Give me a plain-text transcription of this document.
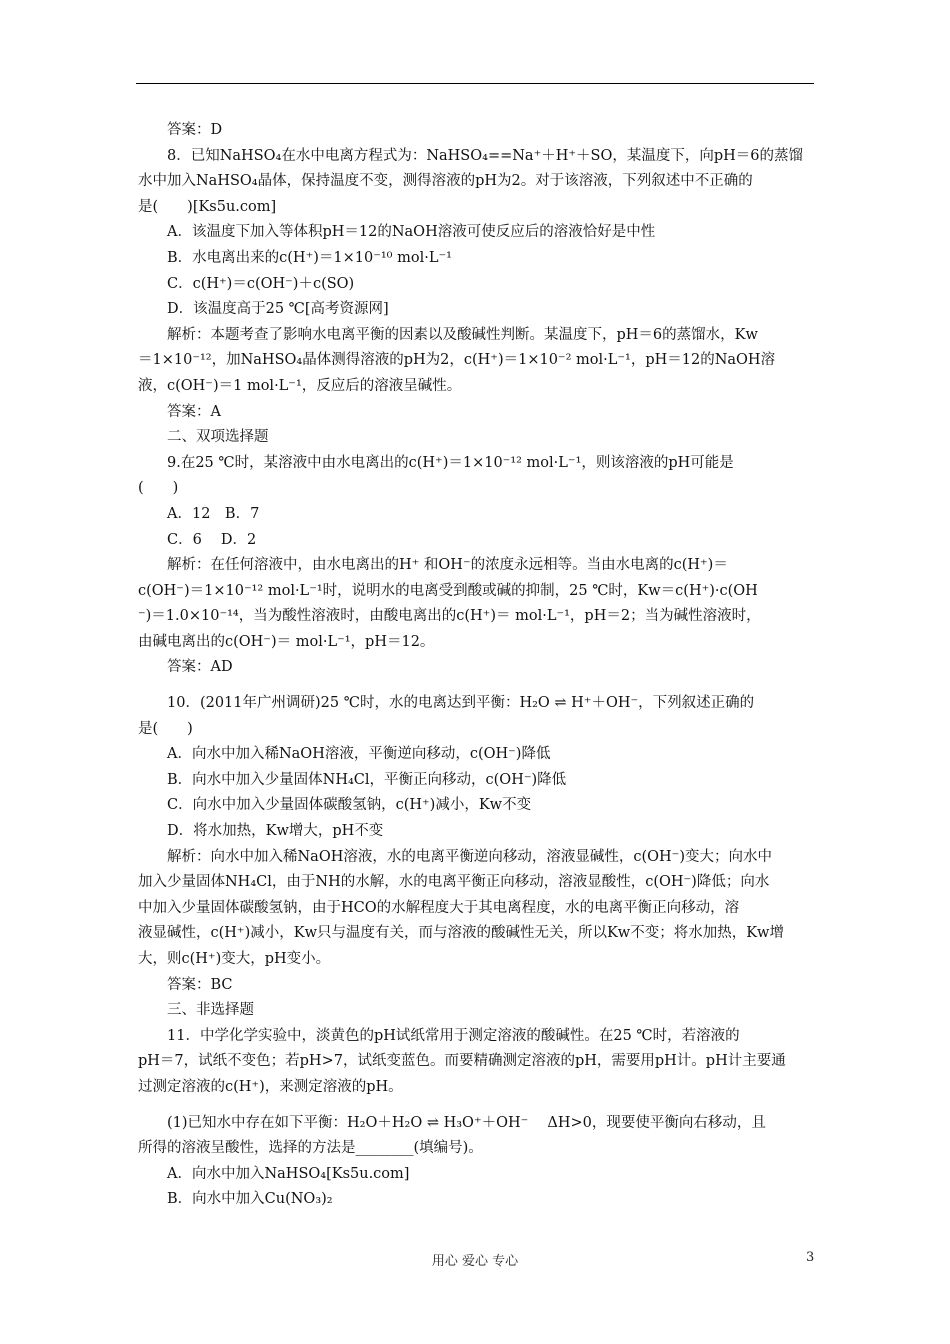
答案：D
8．已知NaHSO₄在水中电离方程式为：NaHSO₄==Na⁺＋H⁺＋SO，某温度下，向pH＝6的蒸馏
水中加入NaHSO₄晶体，保持温度不变，测得溶液的pH为2。对于该溶液，下列叙述中不正确的
是(　　)[Ks5u.com]
A．该温度下加入等体积pH＝12的NaOH溶液可使反应后的溶液恰好是中性
B．水电离出来的c(H⁺)＝1×10⁻¹⁰ mol·L⁻¹
C．c(H⁺)＝c(OH⁻)＋c(SO)
D．该温度高于25 ℃[高考资源网]
解析：本题考查了影响水电离平衡的因素以及酸碱性判断。某温度下，pH＝6的蒸馏水，Kw
＝1×10⁻¹²，加NaHSO₄晶体测得溶液的pH为2，c(H⁺)＝1×10⁻² mol·L⁻¹，pH＝12的NaOH溶
液，c(OH⁻)＝1 mol·L⁻¹，反应后的溶液呈碱性。
答案：A
二、双项选择题
9.在25 ℃时，某溶液中由水电离出的c(H⁺)＝1×10⁻¹² mol·L⁻¹，则该溶液的pH可能是
(　　)
A．12　B．7
C．6　 D．2
解析：在任何溶液中，由水电离出的H⁺ 和OH⁻的浓度永远相等。当由水电离的c(H⁺)＝
c(OH⁻)＝1×10⁻¹² mol·L⁻¹时，说明水的电离受到酸或碱的抑制，25 ℃时，Kw＝c(H⁺)·c(OH
⁻)＝1.0×10⁻¹⁴，当为酸性溶液时，由酸电离出的c(H⁺)＝ mol·L⁻¹，pH＝2；当为碱性溶液时，
由碱电离出的c(OH⁻)＝ mol·L⁻¹，pH＝12。
答案：AD
10．(2011年广州调研)25 ℃时，水的电离达到平衡：H₂O ⇌ H⁺＋OH⁻，下列叙述正确的
是(　　)
A．向水中加入稀NaOH溶液，平衡逆向移动，c(OH⁻)降低
B．向水中加入少量固体NH₄Cl，平衡正向移动，c(OH⁻)降低
C．向水中加入少量固体碳酸氢钠，c(H⁺)减小，Kw不变
D．将水加热，Kw增大，pH不变
解析：向水中加入稀NaOH溶液，水的电离平衡逆向移动，溶液显碱性，c(OH⁻)变大；向水中
加入少量固体NH₄Cl，由于NH的水解，水的电离平衡正向移动，溶液显酸性，c(OH⁻)降低；向水
中加入少量固体碳酸氢钠，由于HCO的水解程度大于其电离程度，水的电离平衡正向移动，溶
液显碱性，c(H⁺)减小，Kw只与温度有关，而与溶液的酸碱性无关，所以Kw不变；将水加热，Kw增
大，则c(H⁺)变大，pH变小。
答案：BC
三、非选择题
11．中学化学实验中，淡黄色的pH试纸常用于测定溶液的酸碱性。在25 ℃时，若溶液的
pH＝7，试纸不变色；若pH>7，试纸变蓝色。而要精确测定溶液的pH，需要用pH计。pH计主要通
过测定溶液的c(H⁺)，来测定溶液的pH。
(1)已知水中存在如下平衡：H₂O＋H₂O ⇌ H₃O⁺＋OH⁻　 ΔH>0，现要使平衡向右移动，且
所得的溶液呈酸性，选择的方法是________(填编号)。
A．向水中加入NaHSO₄[Ks5u.com]
B．向水中加入Cu(NO₃)₂
用心 爱心 专心	3
